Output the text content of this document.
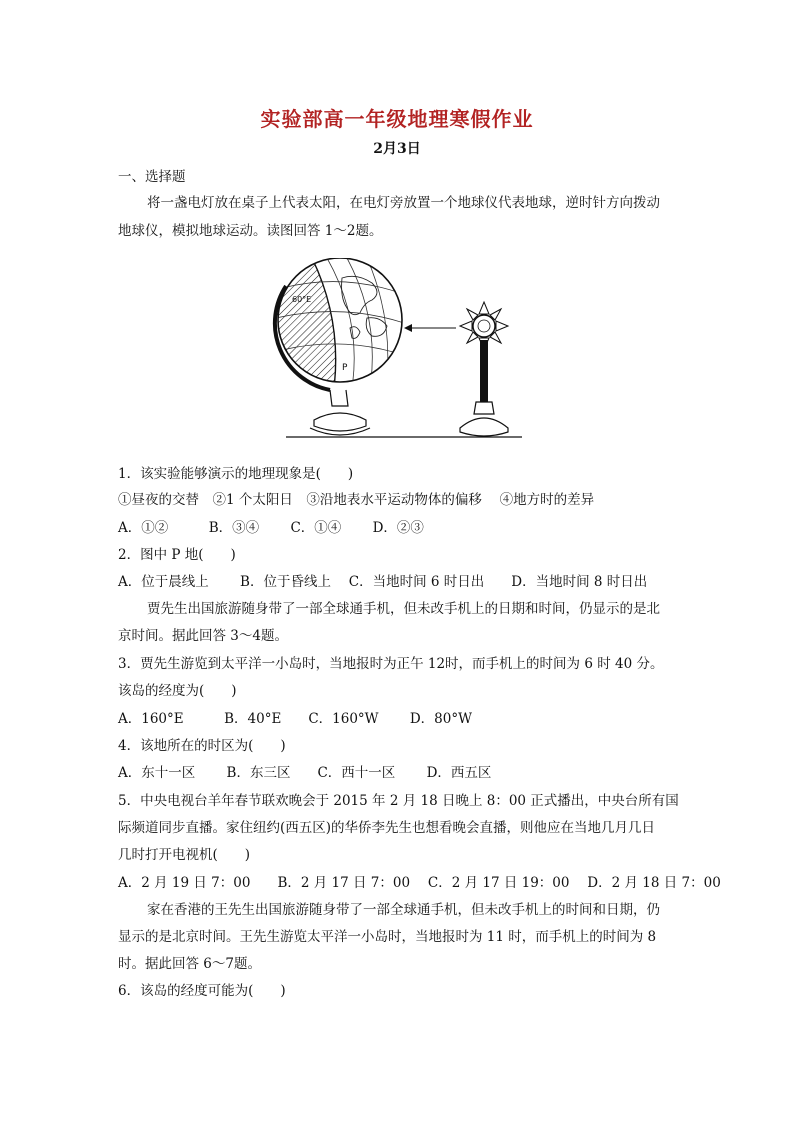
实验部高一年级地理寒假作业
2月3日
一、选择题
将一盏电灯放在桌子上代表太阳，在电灯旁放置一个地球仪代表地球，逆时针方向拨动
地球仪，模拟地球运动。读图回答 1～2题。
60°E
P
1．该实验能够演示的地理现象是(　　)
①昼夜的交替　②1 个太阳日　③沿地表水平运动物体的偏移　 ④地方时的差异
A．①②　　　B．③④　　 C．①④　　 D．②③
2．图中 P 地(　　)
A．位于晨线上　　 B．位于昏线上　 C．当地时间 6 时日出　　D．当地时间 8 时日出
贾先生出国旅游随身带了一部全球通手机，但未改手机上的日期和时间，仍显示的是北
京时间。据此回答 3～4题。
3．贾先生游览到太平洋一小岛时，当地报时为正午 12时，而手机上的时间为 6 时 40 分。
该岛的经度为(　　)
A．160°E　　　B．40°E　　C．160°W　　 D．80°W
4．该地所在的时区为(　　)
A．东十一区　　 B．东三区　　C．西十一区　　 D．西五区
5．中央电视台羊年春节联欢晚会于 2015 年 2 月 18 日晚上 8：00 正式播出，中央台所有国
际频道同步直播。家住纽约(西五区)的华侨李先生也想看晚会直播，则他应在当地几月几日
几时打开电视机(　　)
A．2 月 19 日 7：00　　B．2 月 17 日 7：00　 C．2 月 17 日 19：00　 D．2 月 18 日 7：00
家在香港的王先生出国旅游随身带了一部全球通手机，但未改手机上的时间和日期，仍
显示的是北京时间。王先生游览太平洋一小岛时，当地报时为 11 时，而手机上的时间为 8
时。据此回答 6～7题。
6．该岛的经度可能为(　　)
